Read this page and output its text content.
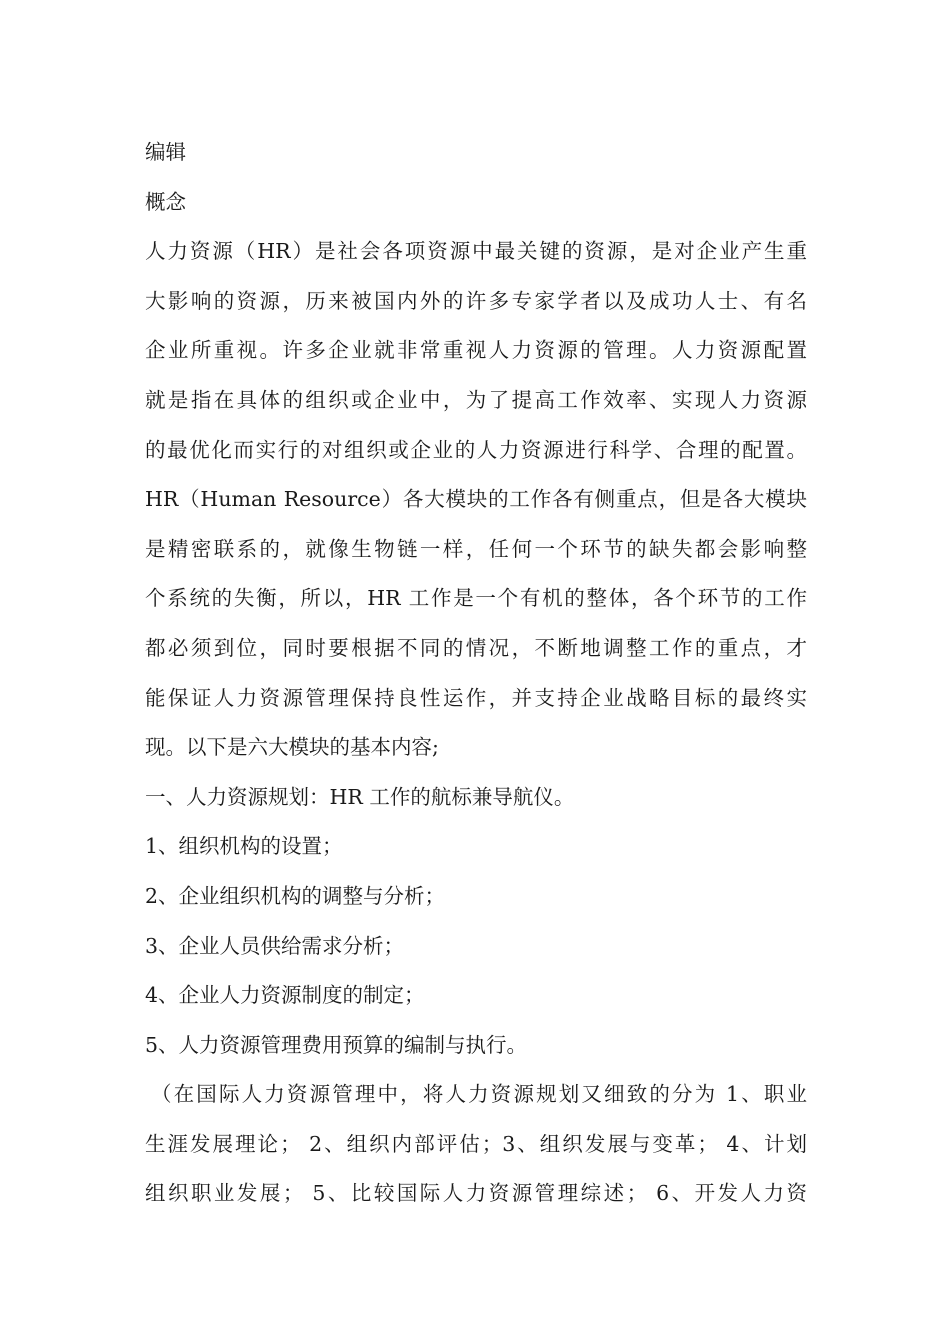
编辑
概念
人力资源（HR）是社会各项资源中最关键的资源，是对企业产生重
大影响的资源，历来被国内外的许多专家学者以及成功人士、有名
企业所重视。许多企业就非常重视人力资源的管理。人力资源配置
就是指在具体的组织或企业中，为了提高工作效率、实现人力资源
的最优化而实行的对组织或企业的人力资源进行科学、合理的配置。
HR（Human Resource）各大模块的工作各有侧重点，但是各大模块
是精密联系的，就像生物链一样，任何一个环节的缺失都会影响整
个系统的失衡，所以，HR 工作是一个有机的整体，各个环节的工作
都必须到位，同时要根据不同的情况，不断地调整工作的重点，才
能保证人力资源管理保持良性运作，并支持企业战略目标的最终实
现。以下是六大模块的基本内容;
一、人力资源规划：HR 工作的航标兼导航仪。
1、组织机构的设置；
2、企业组织机构的调整与分析；
3、企业人员供给需求分析；
4、企业人力资源制度的制定；
5、人力资源管理费用预算的编制与执行。
（在国际人力资源管理中，将人力资源规划又细致的分为 1、职业
生涯发展理论； 2、组织内部评估；3、组织发展与变革； 4、计划
组织职业发展； 5、比较国际人力资源管理综述； 6、开发人力资
